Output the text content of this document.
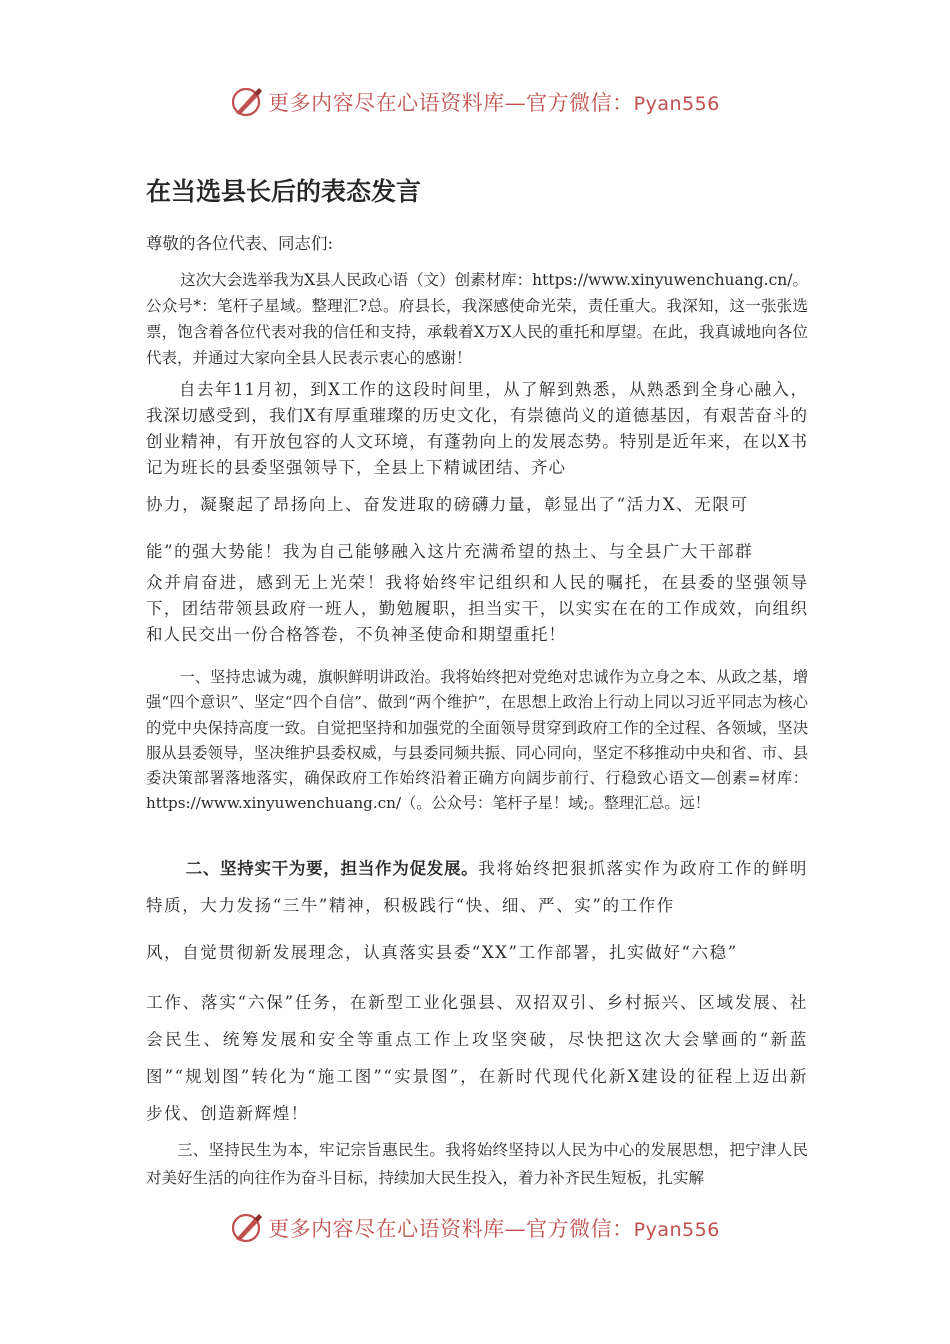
更多内容尽在心语资料库—官方微信：Pyan556
在当选县长后的表态发言

尊敬的各位代表、同志们:

这次大会选举我为X县人民政心语（文）创素材库：https://www.xinyuwenchuang.cn/。公众号*：笔杆子星域。整理汇?总。府县长，我深感使命光荣，责任重大。我深知，这一张张选票，饱含着各位代表对我的信任和支持，承载着X万X人民的重托和厚望。在此，我真诚地向各位代表，并通过大家向全县人民表示衷心的感谢！

自去年11月初，到X工作的这段时间里，从了解到熟悉，从熟悉到全身心融入，我深切感受到，我们X有厚重璀璨的历史文化，有崇德尚义的道德基因，有艰苦奋斗的创业精神，有开放包容的人文环境，有蓬勃向上的发展态势。特别是近年来，在以X书记为班长的县委坚强领导下，全县上下精诚团结、齐心

协力，凝聚起了昂扬向上、奋发进取的磅礴力量，彰显出了“活力X、无限可

能”的强大势能！我为自己能够融入这片充满希望的热土、与全县广大干部群

众并肩奋进，感到无上光荣！我将始终牢记组织和人民的嘱托，在县委的坚强领导下，团结带领县政府一班人，勤勉履职，担当实干，以实实在在的工作成效，向组织和人民交出一份合格答卷，不负神圣使命和期望重托！

一、坚持忠诚为魂，旗帜鲜明讲政治。我将始终把对党绝对忠诚作为立身之本、从政之基，增强“四个意识”、坚定“四个自信”、做到“两个维护”，在思想上政治上行动上同以习近平同志为核心的党中央保持高度一致。自觉把坚持和加强党的全面领导贯穿到政府工作的全过程、各领域，坚决服从县委领导，坚决维护县委权威，与县委同频共振、同心同向，坚定不移推动中央和省、市、县委决策部署落地落实，确保政府工作始终沿着正确方向阔步前行、行稳致心语文—创素=材库：https://www.xinyuwenchuang.cn/（。公众号：笔杆子星！域;。整理汇总。远！

二、坚持实干为要，担当作为促发展。我将始终把狠抓落实作为政府工作的鲜明特质，大力发扬“三牛”精神，积极践行“快、细、严、实”的工作作

风，自觉贯彻新发展理念，认真落实县委“XX”工作部署，扎实做好“六稳”

工作、落实“六保”任务，在新型工业化强县、双招双引、乡村振兴、区域发展、社会民生、统筹发展和安全等重点工作上攻坚突破，尽快把这次大会擘画的“新蓝图”“规划图”转化为“施工图”“实景图”，在新时代现代化新X建设的征程上迈出新步伐、创造新辉煌！

三、坚持民生为本，牢记宗旨惠民生。我将始终坚持以人民为中心的发展思想，把宁津人民对美好生活的向往作为奋斗目标，持续加大民生投入，着力补齐民生短板，扎实解

更多内容尽在心语资料库—官方微信：Pyan556
